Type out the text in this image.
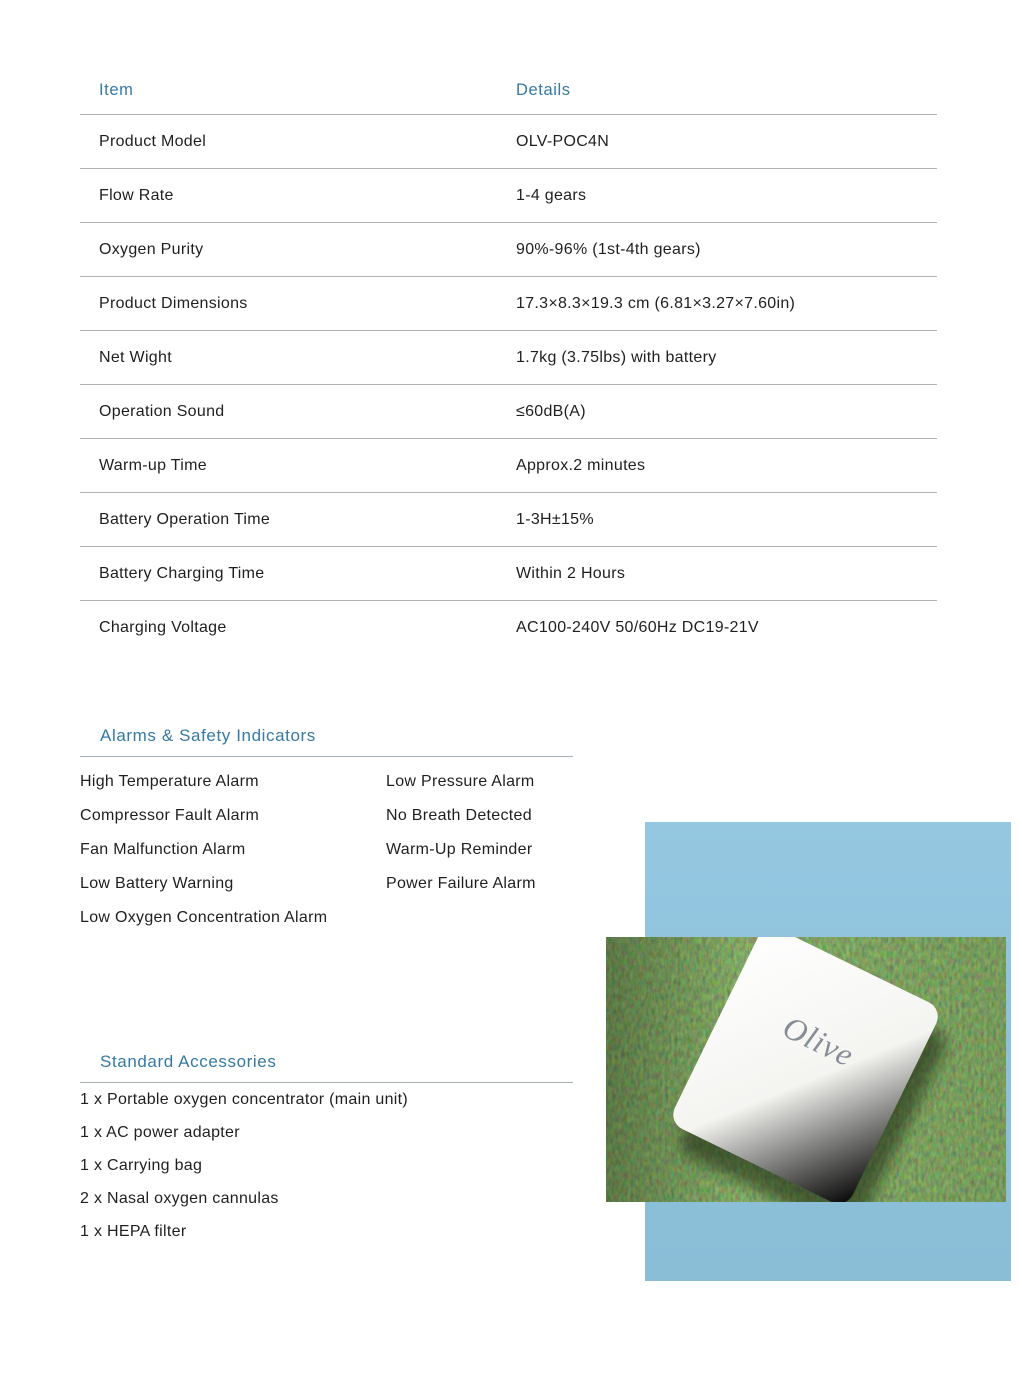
Item	Details
Product Model	OLV-POC4N
Flow Rate	1-4 gears
Oxygen Purity	90%-96% (1st-4th gears)
Product Dimensions	17.3×8.3×19.3 cm (6.81×3.27×7.60in)
Net Wight	1.7kg (3.75lbs) with battery
Operation Sound	≤60dB(A)
Warm-up Time	Approx.2 minutes
Battery Operation Time	1-3H±15%
Battery Charging Time	Within 2 Hours
Charging Voltage	AC100-240V 50/60Hz DC19-21V
Alarms & Safety Indicators
High Temperature Alarm
Compressor Fault Alarm
Fan Malfunction Alarm
Low Battery Warning
Low Oxygen Concentration Alarm
Low Pressure Alarm
No Breath Detected
Warm-Up Reminder
Power Failure Alarm
Olive
Standard Accessories
1 x Portable oxygen concentrator (main unit)
1 x AC power adapter
1 x Carrying bag
2 x Nasal oxygen cannulas
1 x HEPA filter
